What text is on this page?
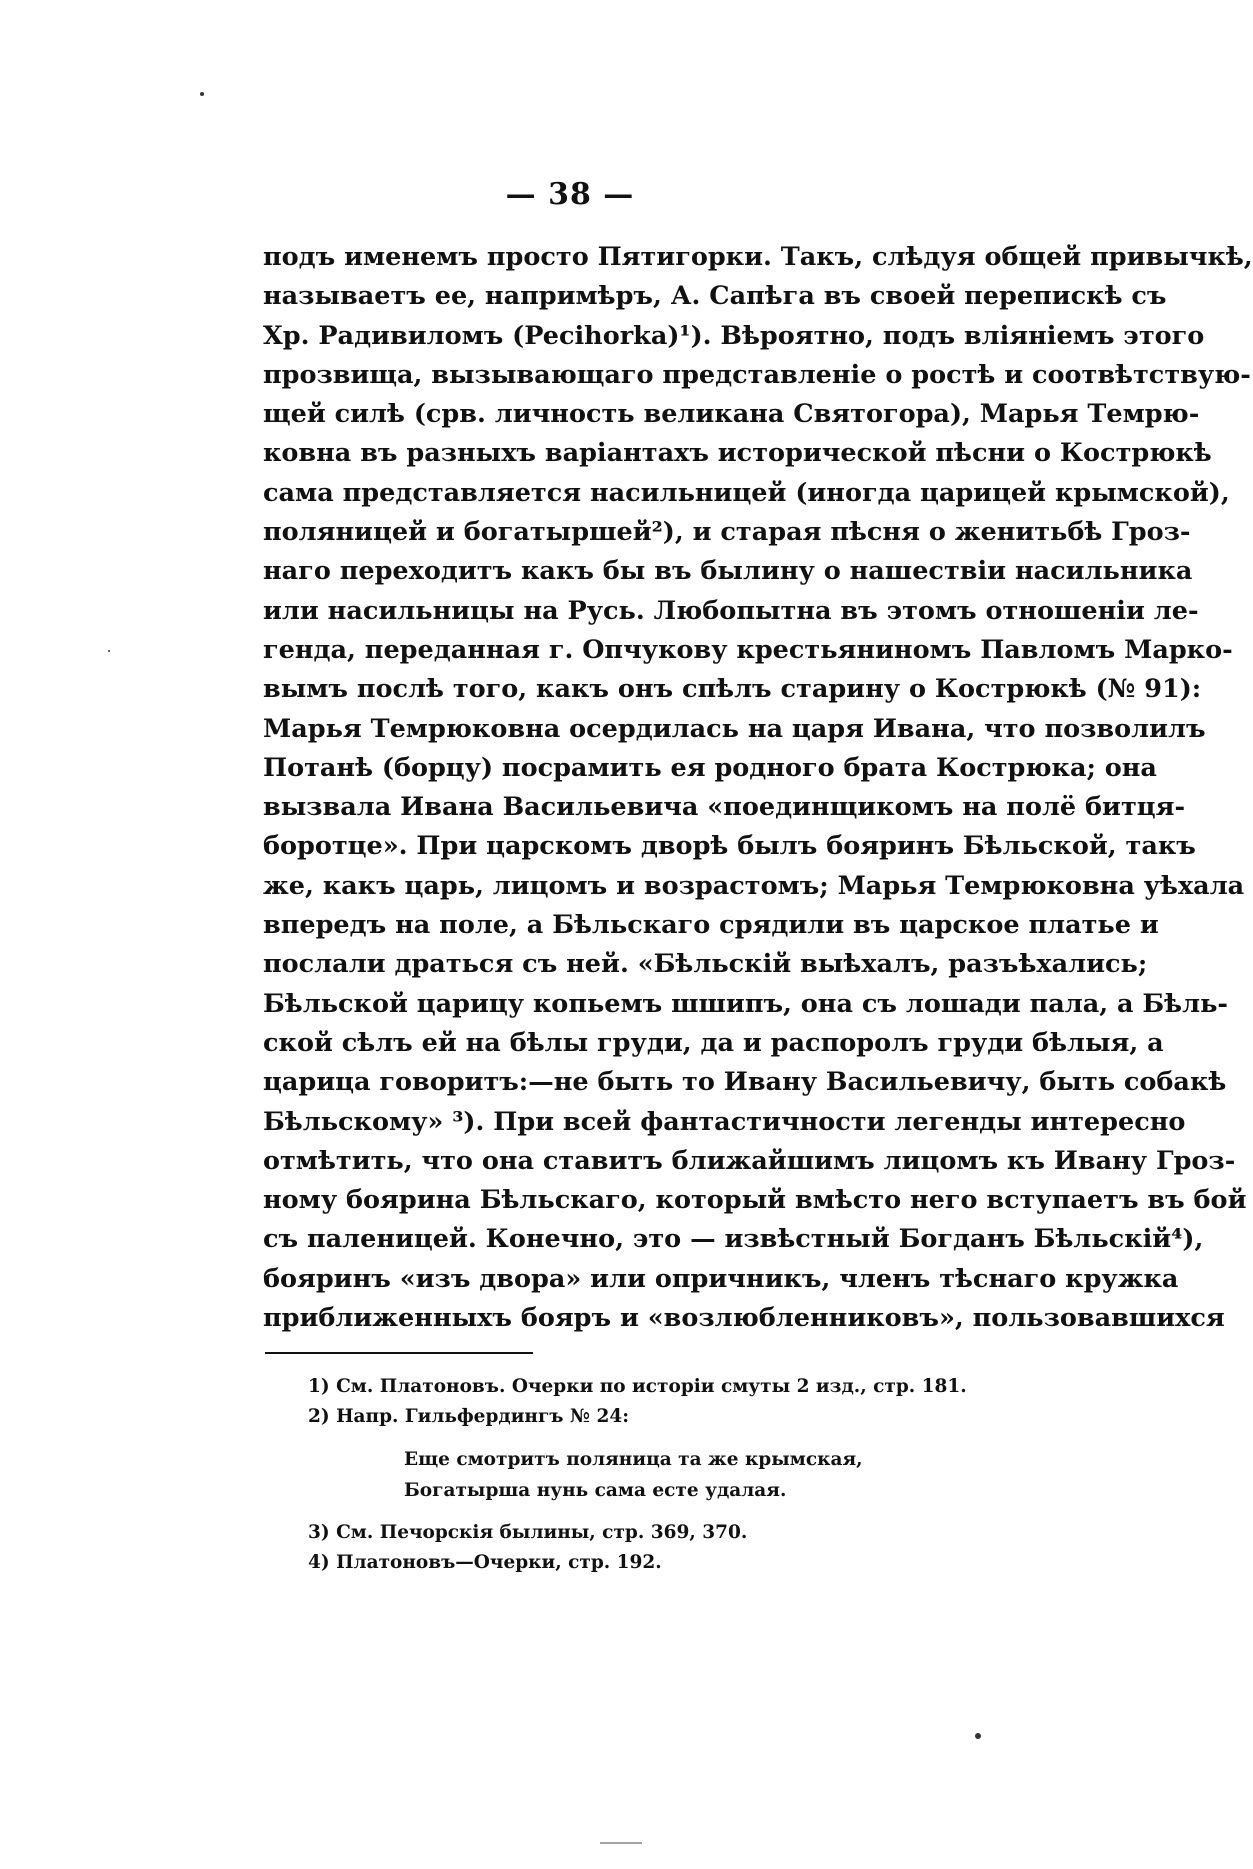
— 38 —
подъ именемъ просто Пятигорки. Такъ, слѣдуя общей привычкѣ,
называетъ ее, напримѣръ, А. Сапѣга въ своей перепискѣ съ
Хр. Радивиломъ (Pecihorka)¹). Вѣроятно, подъ вліяніемъ этого
прозвища, вызывающаго представленіе о ростѣ и соотвѣтствую-
щей силѣ (срв. личность великана Святогора), Марья Темрю-
ковна въ разныхъ варіантахъ исторической пѣсни о Кострюкѣ
сама представляется насильницей (иногда царицей крымской),
поляницей и богатыршей²), и старая пѣсня о женитьбѣ Гроз-
наго переходитъ какъ бы въ былину о нашествіи насильника
или насильницы на Русь. Любопытна въ этомъ отношеніи ле-
генда, переданная г. Опчукову крестьяниномъ Павломъ Марко-
вымъ послѣ того, какъ онъ спѣлъ старину о Кострюкѣ (№ 91):
Марья Темрюковна осердилась на царя Ивана, что позволилъ
Потанѣ (борцу) посрамить ея родного брата Кострюка; она
вызвала Ивана Васильевича «поединщикомъ на полё битця-
боротце». При царскомъ дворѣ былъ бояринъ Бѣльской, такъ
же, какъ царь, лицомъ и возрастомъ; Марья Темрюковна уѣхала
впередъ на поле, а Бѣльскаго срядили въ царское платье и
послали драться съ ней. «Бѣльскій выѣхалъ, разъѣхались;
Бѣльской царицу копьемъ шшипъ, она съ лошади пала, а Бѣль-
ской сѣлъ ей на бѣлы груди, да и распоролъ груди бѣлыя, а
царица говоритъ:—не быть то Ивану Васильевичу, быть собакѣ
Бѣльскому» ³). При всей фантастичности легенды интересно
отмѣтить, что она ставитъ ближайшимъ лицомъ къ Ивану Гроз-
ному боярина Бѣльскаго, который вмѣсто него вступаетъ въ бой
съ паленицей. Конечно, это — извѣстный Богданъ Бѣльскій⁴),
бояринъ «изъ двора» или опричникъ, членъ тѣснаго кружка
приближенныхъ бояръ и «возлюбленниковъ», пользовавшихся
1) См. Платоновъ. Очерки по исторіи смуты 2 изд., стр. 181.
2) Напр. Гильфердингъ № 24:
Еще смотритъ поляница та же крымская,
Богатырша нунь сама есте удалая.
3) См. Печорскія былины, стр. 369, 370.
4) Платоновъ—Очерки, стр. 192.
